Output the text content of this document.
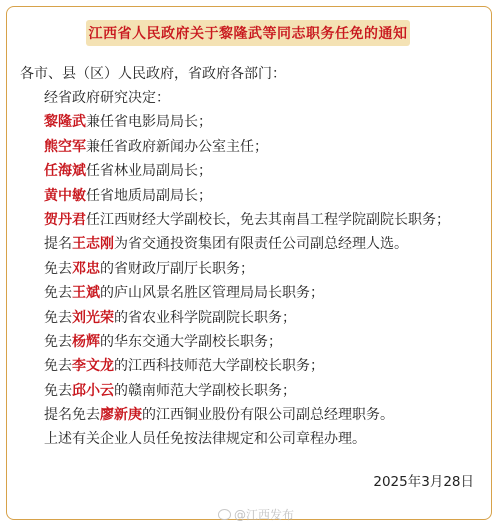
江西省人民政府关于黎隆武等同志职务任免的通知
各市、县（区）人民政府，省政府各部门：
经省政府研究决定：
黎隆武兼任省电影局局长；
熊空军兼任省政府新闻办公室主任；
任海斌任省林业局副局长；
黄中敏任省地质局副局长；
贺丹君任江西财经大学副校长，免去其南昌工程学院副院长职务；
提名王志刚为省交通投资集团有限责任公司副总经理人选。
免去邓忠的省财政厅副厅长职务；
免去王斌的庐山风景名胜区管理局局长职务；
免去刘光荣的省农业科学院副院长职务；
免去杨辉的华东交通大学副校长职务；
免去李文龙的江西科技师范大学副校长职务；
免去邱小云的赣南师范大学副校长职务；
提名免去廖新庚的江西铜业股份有限公司副总经理职务。
上述有关企业人员任免按法律规定和公司章程办理。
2025年3月28日
@江西发布
